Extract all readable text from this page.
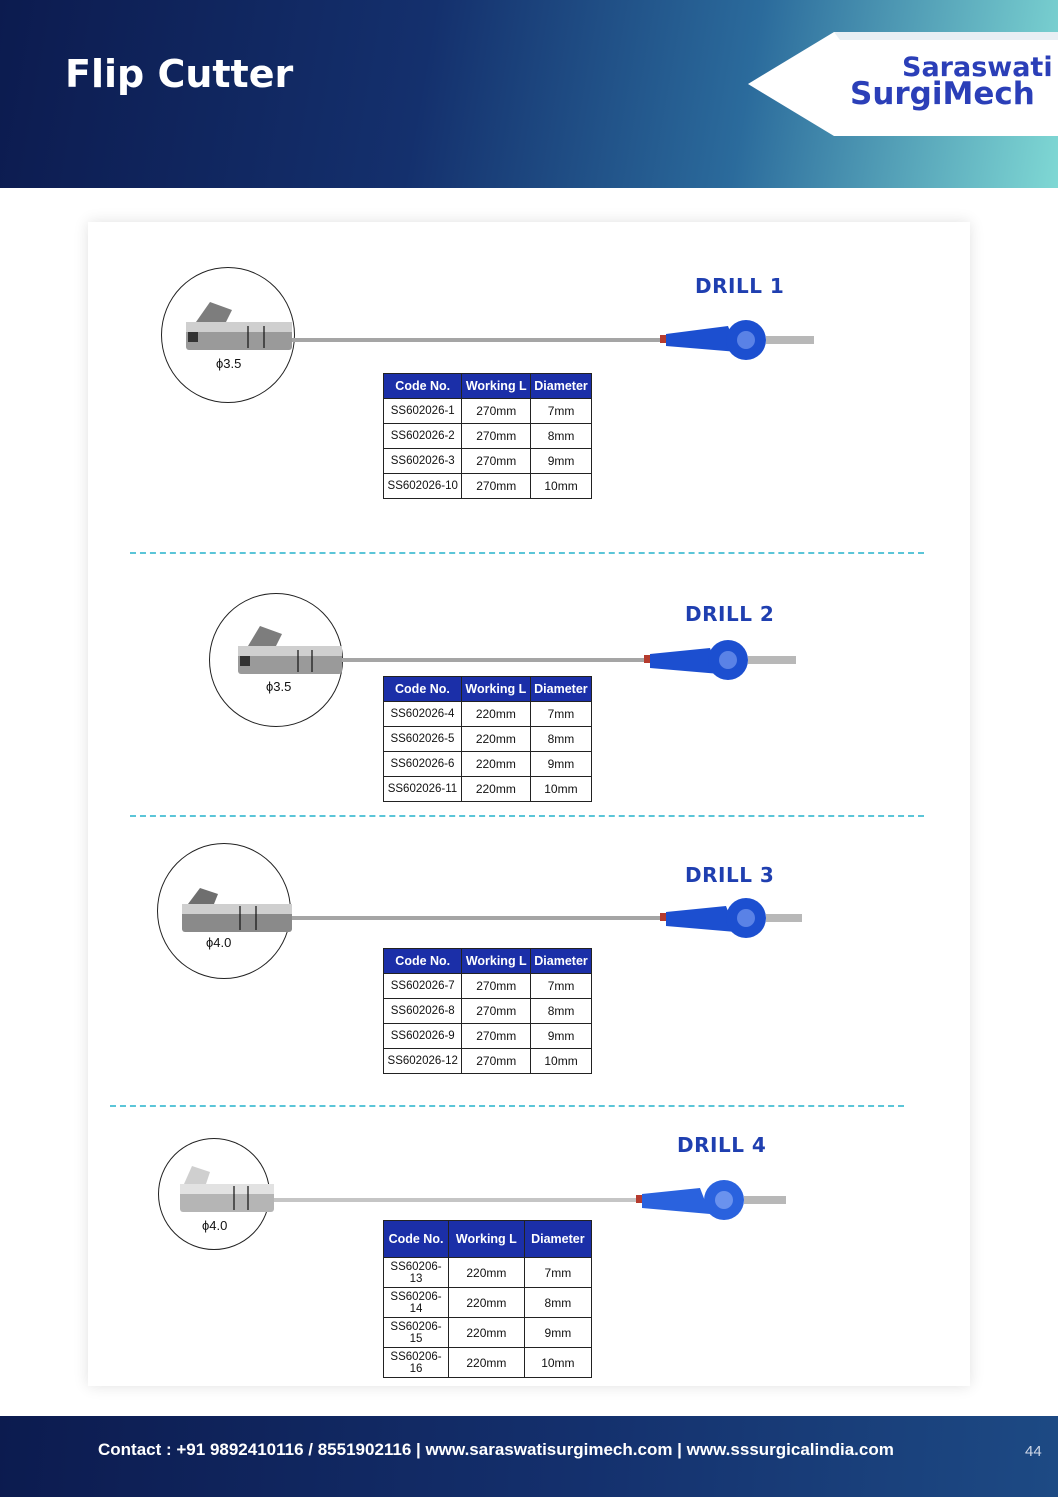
Flip Cutter	Saraswati
SurgiMech
DRILL 1
ϕ3.5
Code No.	Working L	Diameter
SS602026-1	270mm	7mm
SS602026-2	270mm	8mm
SS602026-3	270mm	9mm
SS602026-10	270mm	10mm
DRILL 2
ϕ3.5	Code No.	Working L	Diameter
SS602026-4	220mm	7mm
SS602026-5	220mm	8mm
SS602026-6	220mm	9mm
SS602026-11	220mm	10mm
DRILL 3
ϕ4.0
Code No.	Working L	Diameter
SS602026-7	270mm	7mm
SS602026-8	270mm	8mm
SS602026-9	270mm	9mm
SS602026-12	270mm	10mm
DRILL 4
ϕ4.0
Code No.	Working L	Diameter
SS60206-13	220mm	7mm
SS60206-14	220mm	8mm
SS60206-15	220mm	9mm
SS60206-16	220mm	10mm
Contact : +91 9892410116 / 8551902116 | www.saraswatisurgimech.com | www.sssurgicalindia.com	44
